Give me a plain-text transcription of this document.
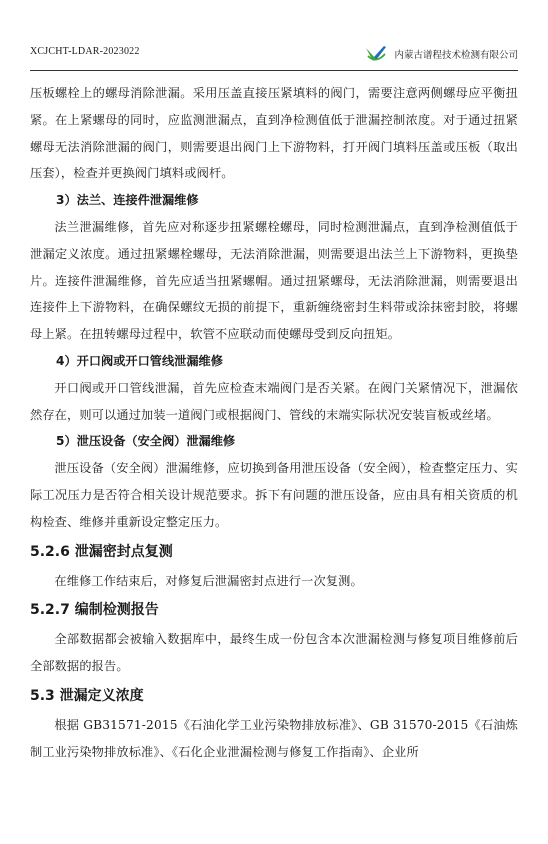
XCJCHT-LDAR-2023022	内蒙古谱程技术检测有限公司

压板螺栓上的螺母消除泄漏。采用压盖直接压紧填料的阀门，需要注意两侧螺母应平衡扭紧。在上紧螺母的同时，应监测泄漏点，直到净检测值低于泄漏控制浓度。对于通过扭紧螺母无法消除泄漏的阀门，则需要退出阀门上下游物料，打开阀门填料压盖或压板（取出压套），检查并更换阀门填料或阀杆。

3）法兰、连接件泄漏维修

法兰泄漏维修，首先应对称逐步扭紧螺栓螺母，同时检测泄漏点，直到净检测值低于泄漏定义浓度。通过扭紧螺栓螺母，无法消除泄漏，则需要退出法兰上下游物料，更换垫片。连接件泄漏维修，首先应适当扭紧螺帽。通过扭紧螺母，无法消除泄漏，则需要退出连接件上下游物料，在确保螺纹无损的前提下，重新缠绕密封生料带或涂抹密封胶，将螺母上紧。在扭转螺母过程中，软管不应联动而使螺母受到反向扭矩。

4）开口阀或开口管线泄漏维修

开口阀或开口管线泄漏，首先应检查末端阀门是否关紧。在阀门关紧情况下，泄漏依然存在，则可以通过加装一道阀门或根据阀门、管线的末端实际状况安装盲板或丝堵。

5）泄压设备（安全阀）泄漏维修

泄压设备（安全阀）泄漏维修，应切换到备用泄压设备（安全阀），检查整定压力、实际工况压力是否符合相关设计规范要求。拆下有问题的泄压设备，应由具有相关资质的机构检查、维修并重新设定整定压力。

5.2.6 泄漏密封点复测

在维修工作结束后，对修复后泄漏密封点进行一次复测。

5.2.7 编制检测报告

全部数据都会被输入数据库中，最终生成一份包含本次泄漏检测与修复项目维修前后全部数据的报告。

5.3 泄漏定义浓度

根据 GB31571-2015《石油化学工业污染物排放标准》、GB 31570-2015《石油炼制工业污染物排放标准》、《石化企业泄漏检测与修复工作指南》、企业所
